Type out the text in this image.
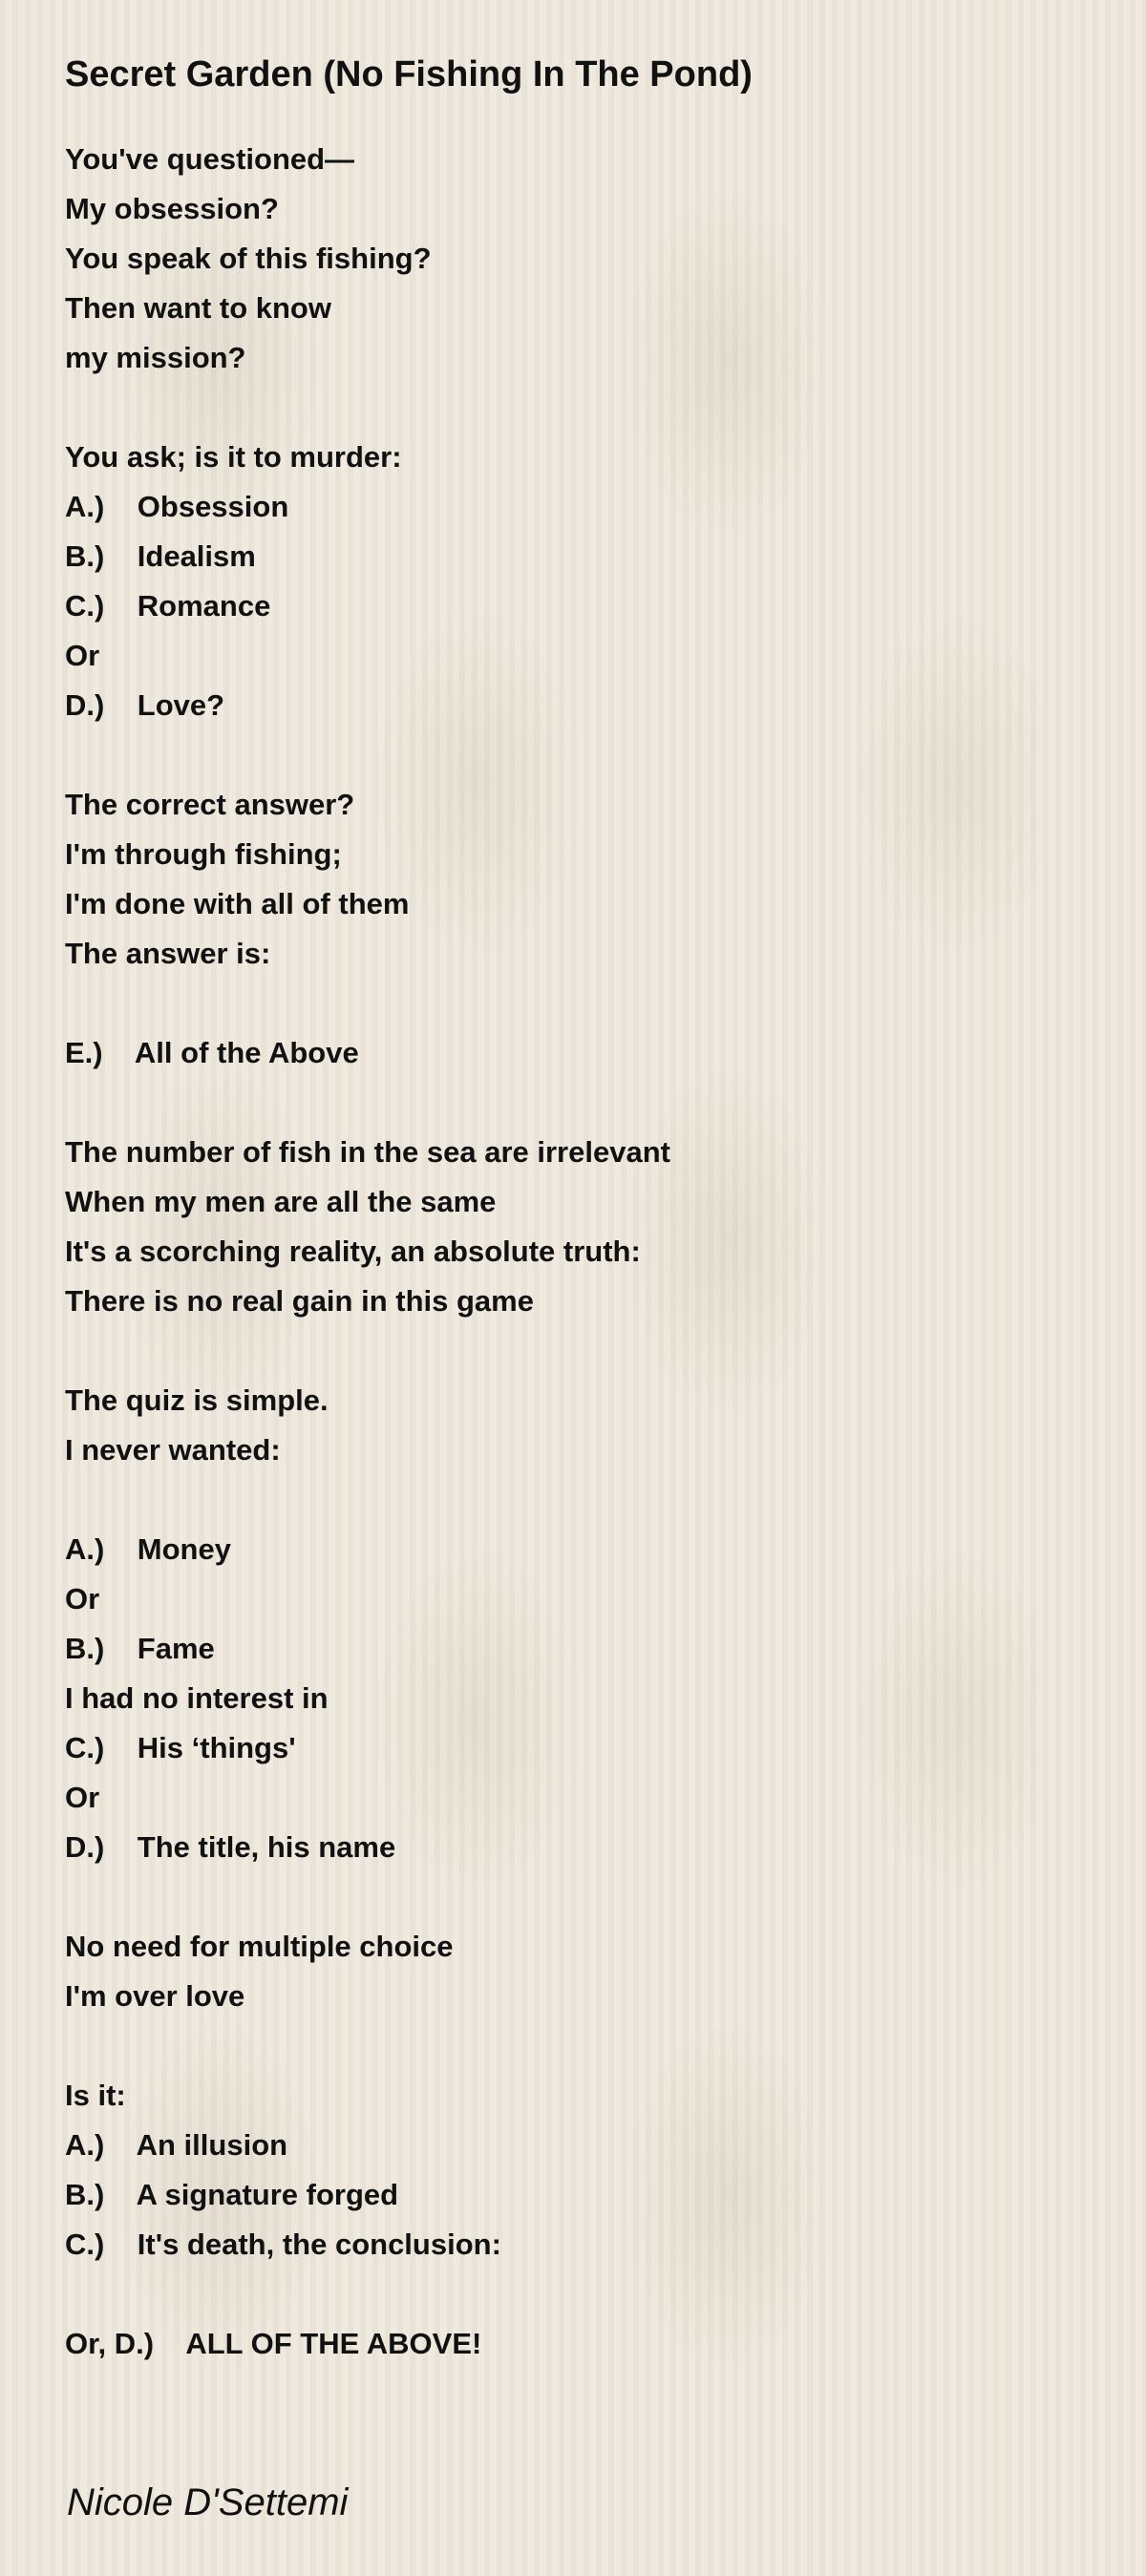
Secret Garden (No Fishing In The Pond)
You've questioned—
My obsession?
You speak of this fishing?
Then want to know
my mission?
You ask; is it to murder:
A.)    Obsession
B.)    Idealism
C.)    Romance
Or
D.)    Love?
The correct answer?
I'm through fishing;
I'm done with all of them
The answer is:
E.)    All of the Above
The number of fish in the sea are irrelevant
When my men are all the same
It's a scorching reality, an absolute truth:
There is no real gain in this game
The quiz is simple.
I never wanted:
A.)    Money
Or
B.)    Fame
I had no interest in
C.)    His ‘things'
Or
D.)    The title, his name
No need for multiple choice
I'm over love
Is it:
A.)    An illusion
B.)    A signature forged
C.)    It's death, the conclusion:
Or, D.)    ALL OF THE ABOVE!

Nicole D'Settemi
